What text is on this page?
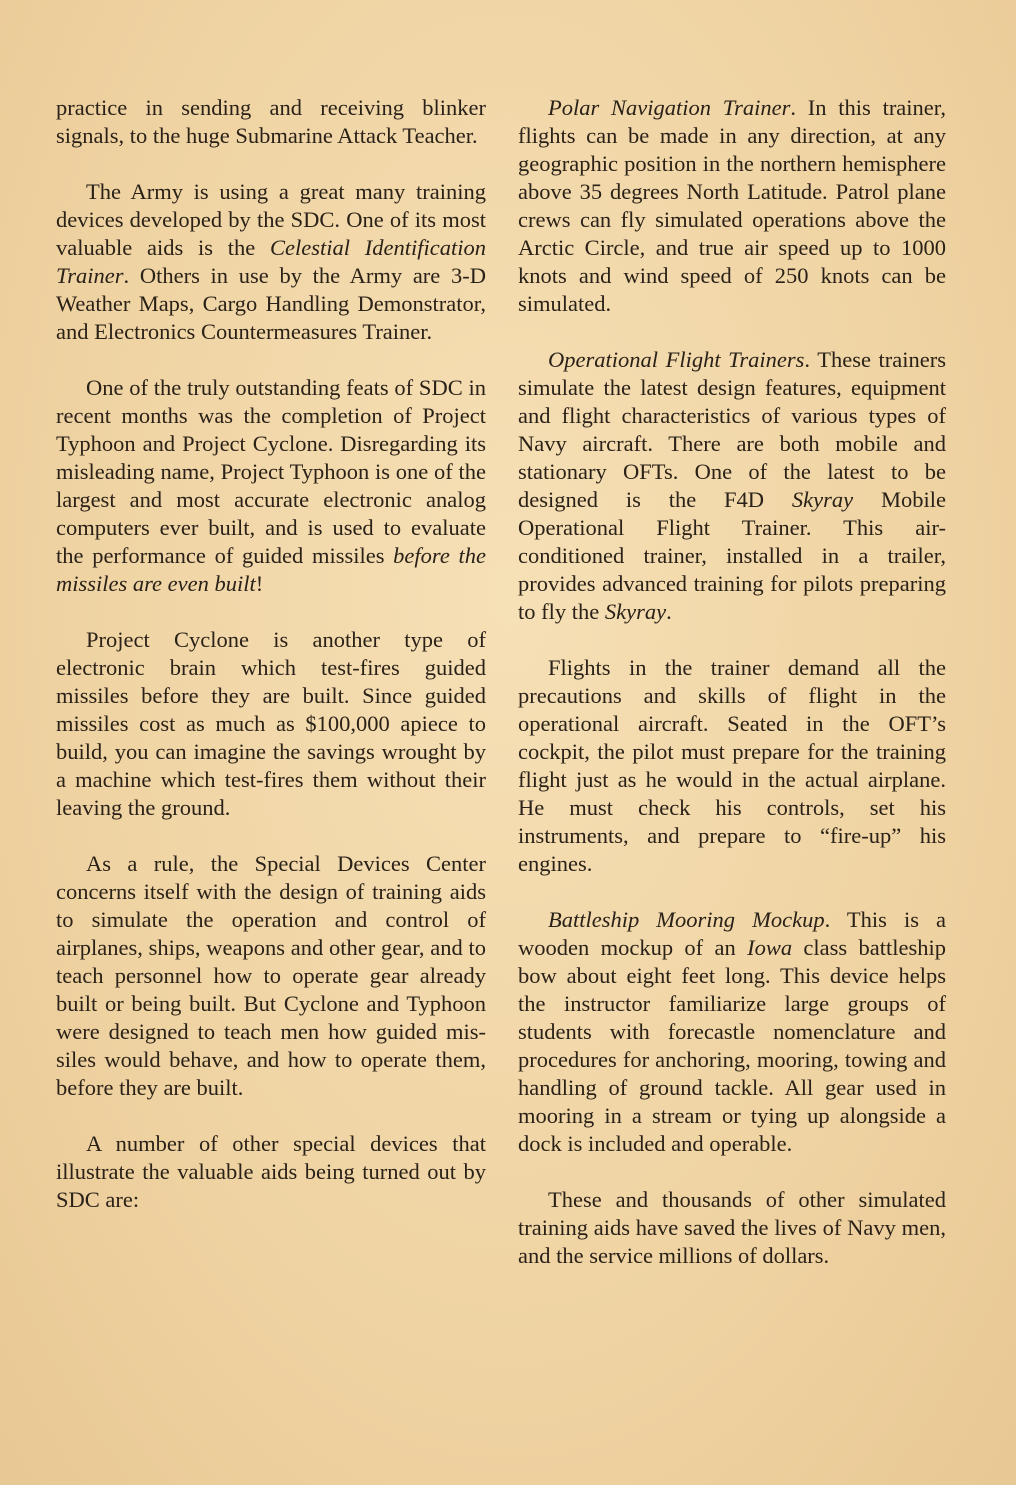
practice in sending and receiving blinker signals, to the huge Submarine Attack Teacher.

The Army is using a great many training devices developed by the SDC. One of its most valuable aids is the Celestial Identification Trainer. Others in use by the Army are 3-D Weather Maps, Cargo Handling Demonstrator, and Electronics Countermeasures Trainer.

One of the truly outstanding feats of SDC in recent months was the completion of Project Typhoon and Project Cyclone. Disregarding its misleading name, Project Typhoon is one of the largest and most accurate electronic analog computers ever built, and is used to evaluate the performance of guided missiles before the missiles are even built!

Project Cyclone is another type of electronic brain which test-fires guided missiles before they are built. Since guided missiles cost as much as $100,000 apiece to build, you can imagine the savings wrought by a machine which test-fires them without their leaving the ground.

As a rule, the Special Devices Center concerns itself with the design of training aids to simulate the operation and control of airplanes, ships, weapons and other gear, and to teach personnel how to operate gear already built or being built. But Cyclone and Typhoon were designed to teach men how guided missiles would behave, and how to operate them, before they are built.

A number of other special devices that illustrate the valuable aids being turned out by SDC are:

Polar Navigation Trainer. In this trainer, flights can be made in any direction, at any geographic position in the northern hemisphere above 35 degrees North Latitude. Patrol plane crews can fly simulated operations above the Arctic Circle, and true air speed up to 1000 knots and wind speed of 250 knots can be simulated.

Operational Flight Trainers. These trainers simulate the latest design features, equipment and flight characteristics of various types of Navy aircraft. There are both mobile and stationary OFTs. One of the latest to be designed is the F4D Skyray Mobile Operational Flight Trainer. This air-conditioned trainer, installed in a trailer, provides advanced training for pilots preparing to fly the Skyray.

Flights in the trainer demand all the precautions and skills of flight in the operational aircraft. Seated in the OFT’s cockpit, the pilot must prepare for the training flight just as he would in the actual airplane. He must check his controls, set his instruments, and prepare to “fire-up” his engines.

Battleship Mooring Mockup. This is a wooden mockup of an Iowa class battleship bow about eight feet long. This device helps the instructor familiarize large groups of students with forecastle nomenclature and procedures for anchoring, mooring, towing and handling of ground tackle. All gear used in mooring in a stream or tying up alongside a dock is included and operable.

These and thousands of other simulated training aids have saved the lives of Navy men, and the service millions of dollars.
